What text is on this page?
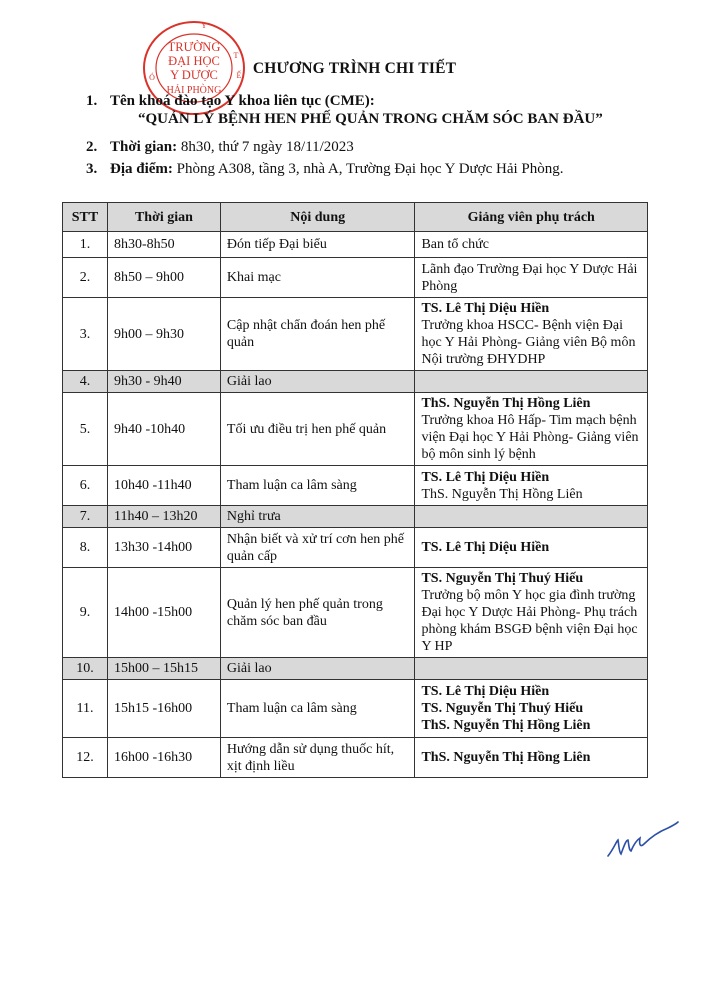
TRƯỜNG
ĐẠI HỌC
Y DƯỢC
HẢI PHÒNG
Ó
Y
T
Ế CHƯƠNG TRÌNH CHI TIẾT
1. Tên khoá đào tạo Y khoa liên tục (CME):
“QUẢN LÝ BỆNH HEN PHẾ QUẢN TRONG CHĂM SÓC BAN ĐẦU”
2. Thời gian: 8h30, thứ 7 ngày 18/11/2023
3. Địa điểm: Phòng A308, tầng 3, nhà A, Trường Đại học Y Dược Hải Phòng.
STT	Thời gian	Nội dung	Giảng viên phụ trách
1.	8h30-8h50	Đón tiếp Đại biểu	Ban tổ chức

2.	8h50 – 9h00	Khai mạc	Lãnh đạo Trường Đại học Y Dược Hải Phòng

3.	9h00 – 9h30	Cập nhật chẩn đoán hen phế quản	TS. Lê Thị Diệu Hiền
Trưởng khoa HSCC- Bệnh viện Đại học Y Hải Phòng- Giảng viên Bộ môn Nội trường ĐHYDHP

4.	9h30 - 9h40	Giải lao	
5.	9h40 -10h40	Tối ưu điều trị hen phế quản	ThS. Nguyễn Thị Hồng Liên
Trưởng khoa Hô Hấp- Tim mạch bệnh viện Đại học Y Hải Phòng- Giảng viên bộ môn sinh lý bệnh

6.	10h40 -11h40	Tham luận ca lâm sàng	TS. Lê Thị Diệu Hiền
ThS. Nguyễn Thị Hồng Liên

7.	11h40 – 13h20	Nghỉ trưa	
8.	13h30 -14h00	Nhận biết và xử trí cơn hen phế quản cấp	TS. Lê Thị Diệu Hiền

9.	14h00 -15h00	Quản lý hen phế quản trong chăm sóc ban đầu	TS. Nguyễn Thị Thuý Hiếu
Trưởng bộ môn Y học gia đình trường Đại học Y Dược Hải Phòng- Phụ trách phòng khám BSGĐ bệnh viện Đại học Y HP

10.	15h00 – 15h15	Giải lao	
11.	15h15 -16h00	Tham luận ca lâm sàng	TS. Lê Thị Diệu Hiền
TS. Nguyễn Thị Thuý Hiếu
ThS. Nguyễn Thị Hồng Liên

12.	16h00 -16h30	Hướng dẫn sử dụng thuốc hít, xịt định liều	ThS. Nguyễn Thị Hồng Liên
